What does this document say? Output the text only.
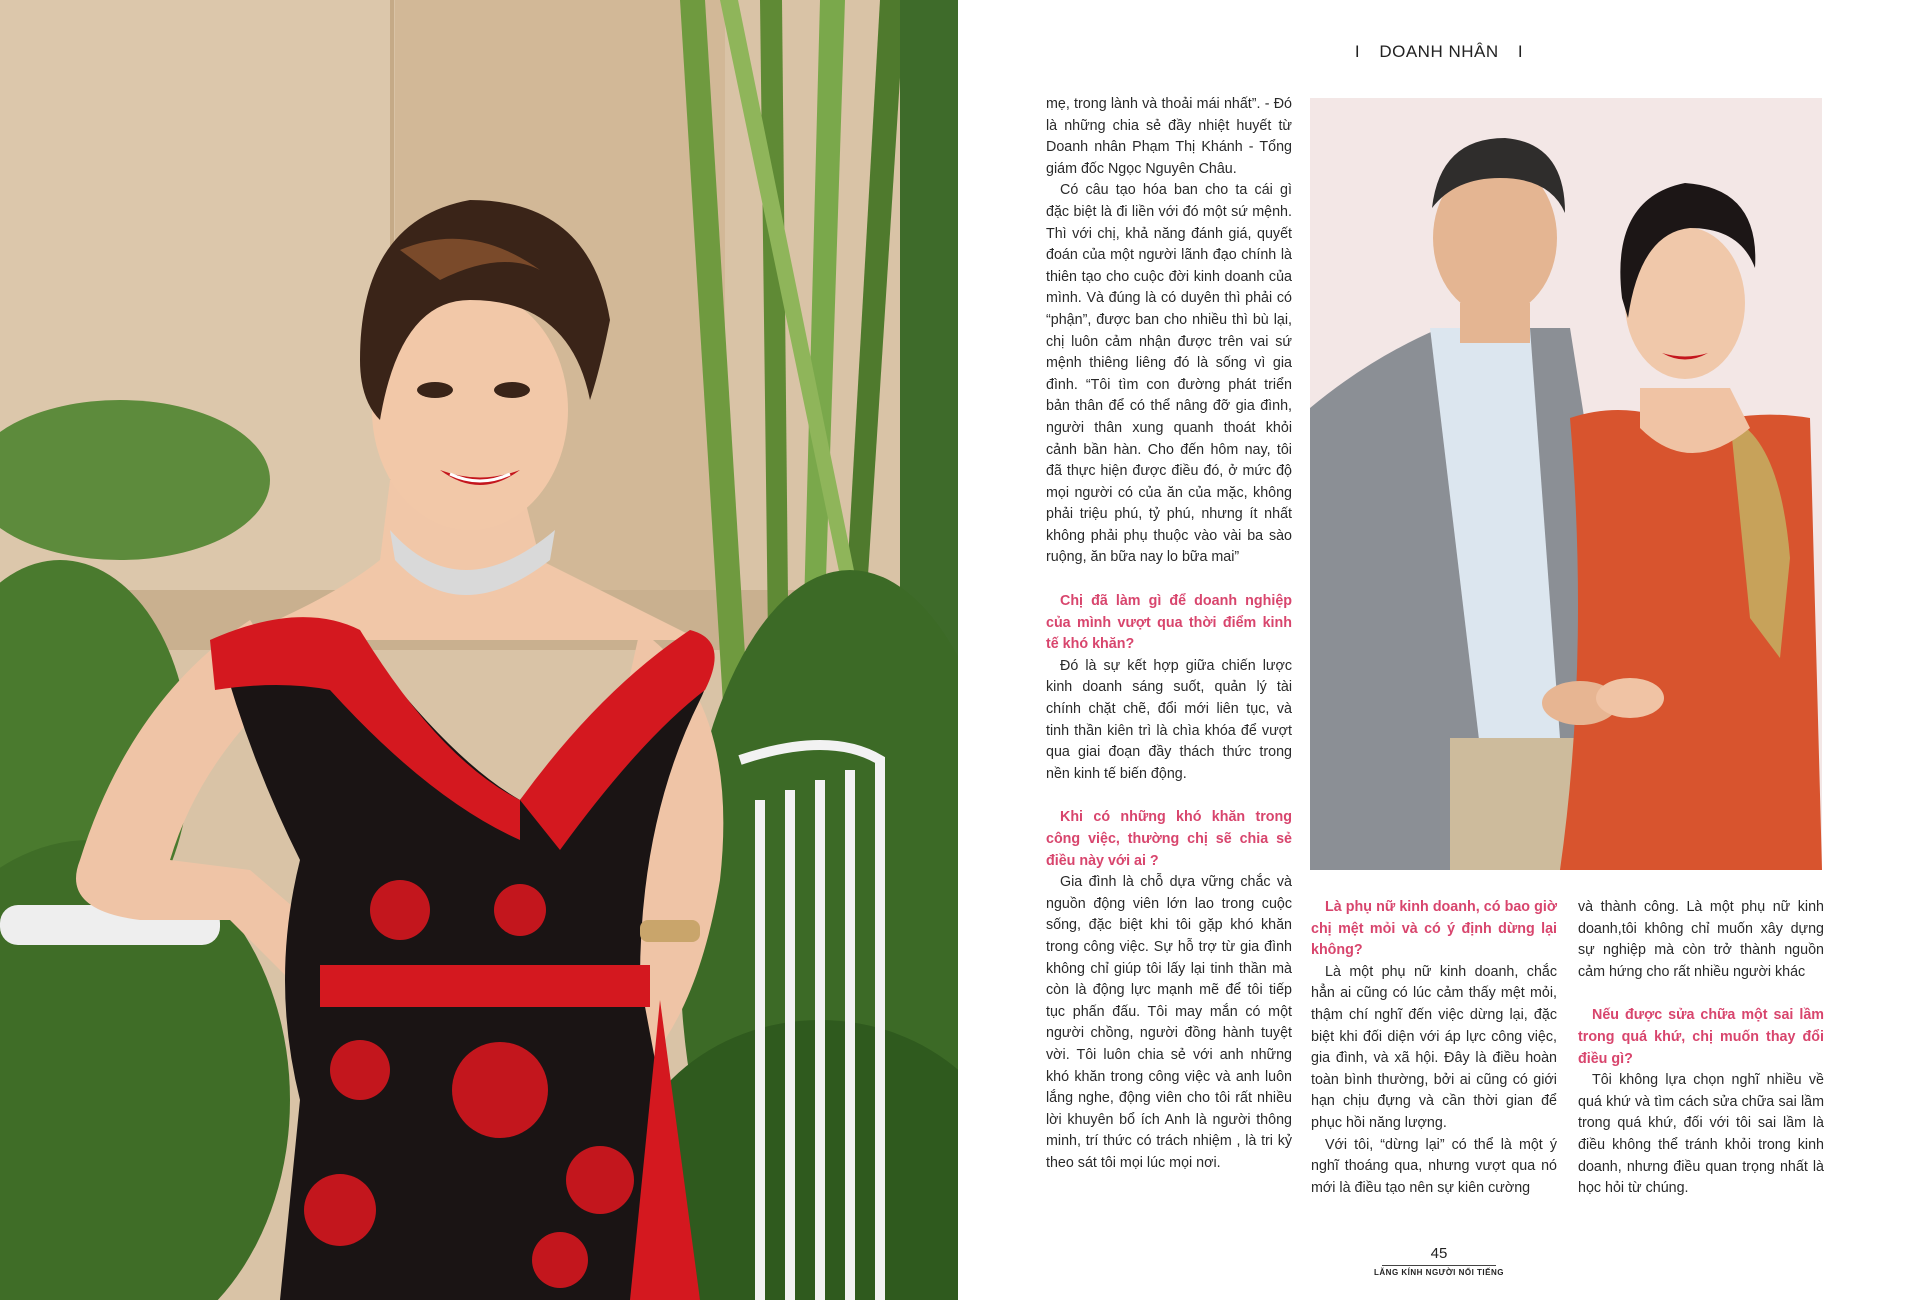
I DOANH NHÂN I

mẹ, trong lành và thoải mái nhất”. - Đó là những chia sẻ đầy nhiệt huyết từ Doanh nhân Phạm Thị Khánh - Tổng giám đốc Ngọc Nguyên Châu.

Có câu tạo hóa ban cho ta cái gì đặc biệt là đi liền với đó một sứ mệnh. Thì với chị, khả năng đánh giá, quyết đoán của một người lãnh đạo chính là thiên tạo cho cuộc đời kinh doanh của mình. Và đúng là có duyên thì phải có “phận”, được ban cho nhiều thì bù lại, chị luôn cảm nhận được trên vai sứ mệnh thiêng liêng đó là sống vì gia đình. “Tôi tìm con đường phát triển bản thân để có thể nâng đỡ gia đình, người thân xung quanh thoát khỏi cảnh bần hàn. Cho đến hôm nay, tôi đã thực hiện được điều đó, ở mức độ mọi người có của ăn của mặc, không phải triệu phú, tỷ phú, nhưng ít nhất không phải phụ thuộc vào vài ba sào ruộng, ăn bữa nay lo bữa mai”

Chị đã làm gì để doanh nghiệp của mình vượt qua thời điểm kinh tế khó khăn?

Đó là sự kết hợp giữa chiến lược kinh doanh sáng suốt, quản lý tài chính chặt chẽ, đổi mới liên tục, và tinh thần kiên trì là chìa khóa để vượt qua giai đoạn đầy thách thức trong nền kinh tế biến động.

Khi có những khó khăn trong công việc, thường chị sẽ chia sẻ điều này với ai ?

Gia đình là chỗ dựa vững chắc và nguồn động viên lớn lao trong cuộc sống, đặc biệt khi tôi gặp khó khăn trong công việc. Sự hỗ trợ từ gia đình không chỉ giúp tôi lấy lại tinh thần mà còn là động lực mạnh mẽ để tôi tiếp tục phấn đấu. Tôi may mắn có một người chồng, người đồng hành tuyệt vời. Tôi luôn chia sẻ với anh những khó khăn trong công việc và anh luôn lắng nghe, động viên cho tôi rất nhiều lời khuyên bổ ích Anh là người thông minh, trí thức có trách nhiệm , là tri kỷ theo sát tôi mọi lúc mọi nơi.

Là phụ nữ kinh doanh, có bao giờ chị mệt mỏi và có ý định dừng lại không?

Là một phụ nữ kinh doanh, chắc hẳn ai cũng có lúc cảm thấy mệt mỏi, thậm chí nghĩ đến việc dừng lại, đặc biệt khi đối diện với áp lực công việc, gia đình, và xã hội. Đây là điều hoàn toàn bình thường, bởi ai cũng có giới hạn chịu đựng và cần thời gian để phục hồi năng lượng.

Với tôi, “dừng lại” có thể là một ý nghĩ thoáng qua, nhưng vượt qua nó mới là điều tạo nên sự kiên cường

và thành công. Là một phụ nữ kinh doanh,tôi không chỉ muốn xây dựng sự nghiệp mà còn trở thành nguồn cảm hứng cho rất nhiều người khác

Nếu được sửa chữa một sai lầm trong quá khứ, chị muốn thay đổi điều gì?

Tôi không lựa chọn nghĩ nhiều về quá khứ và tìm cách sửa chữa sai lầm trong quá khứ, đối với tôi sai lầm là điều không thể tránh khỏi trong kinh doanh, nhưng điều quan trọng nhất là học hỏi từ chúng.

45
LĂNG KÍNH NGƯỜI NỔI TIẾNG
